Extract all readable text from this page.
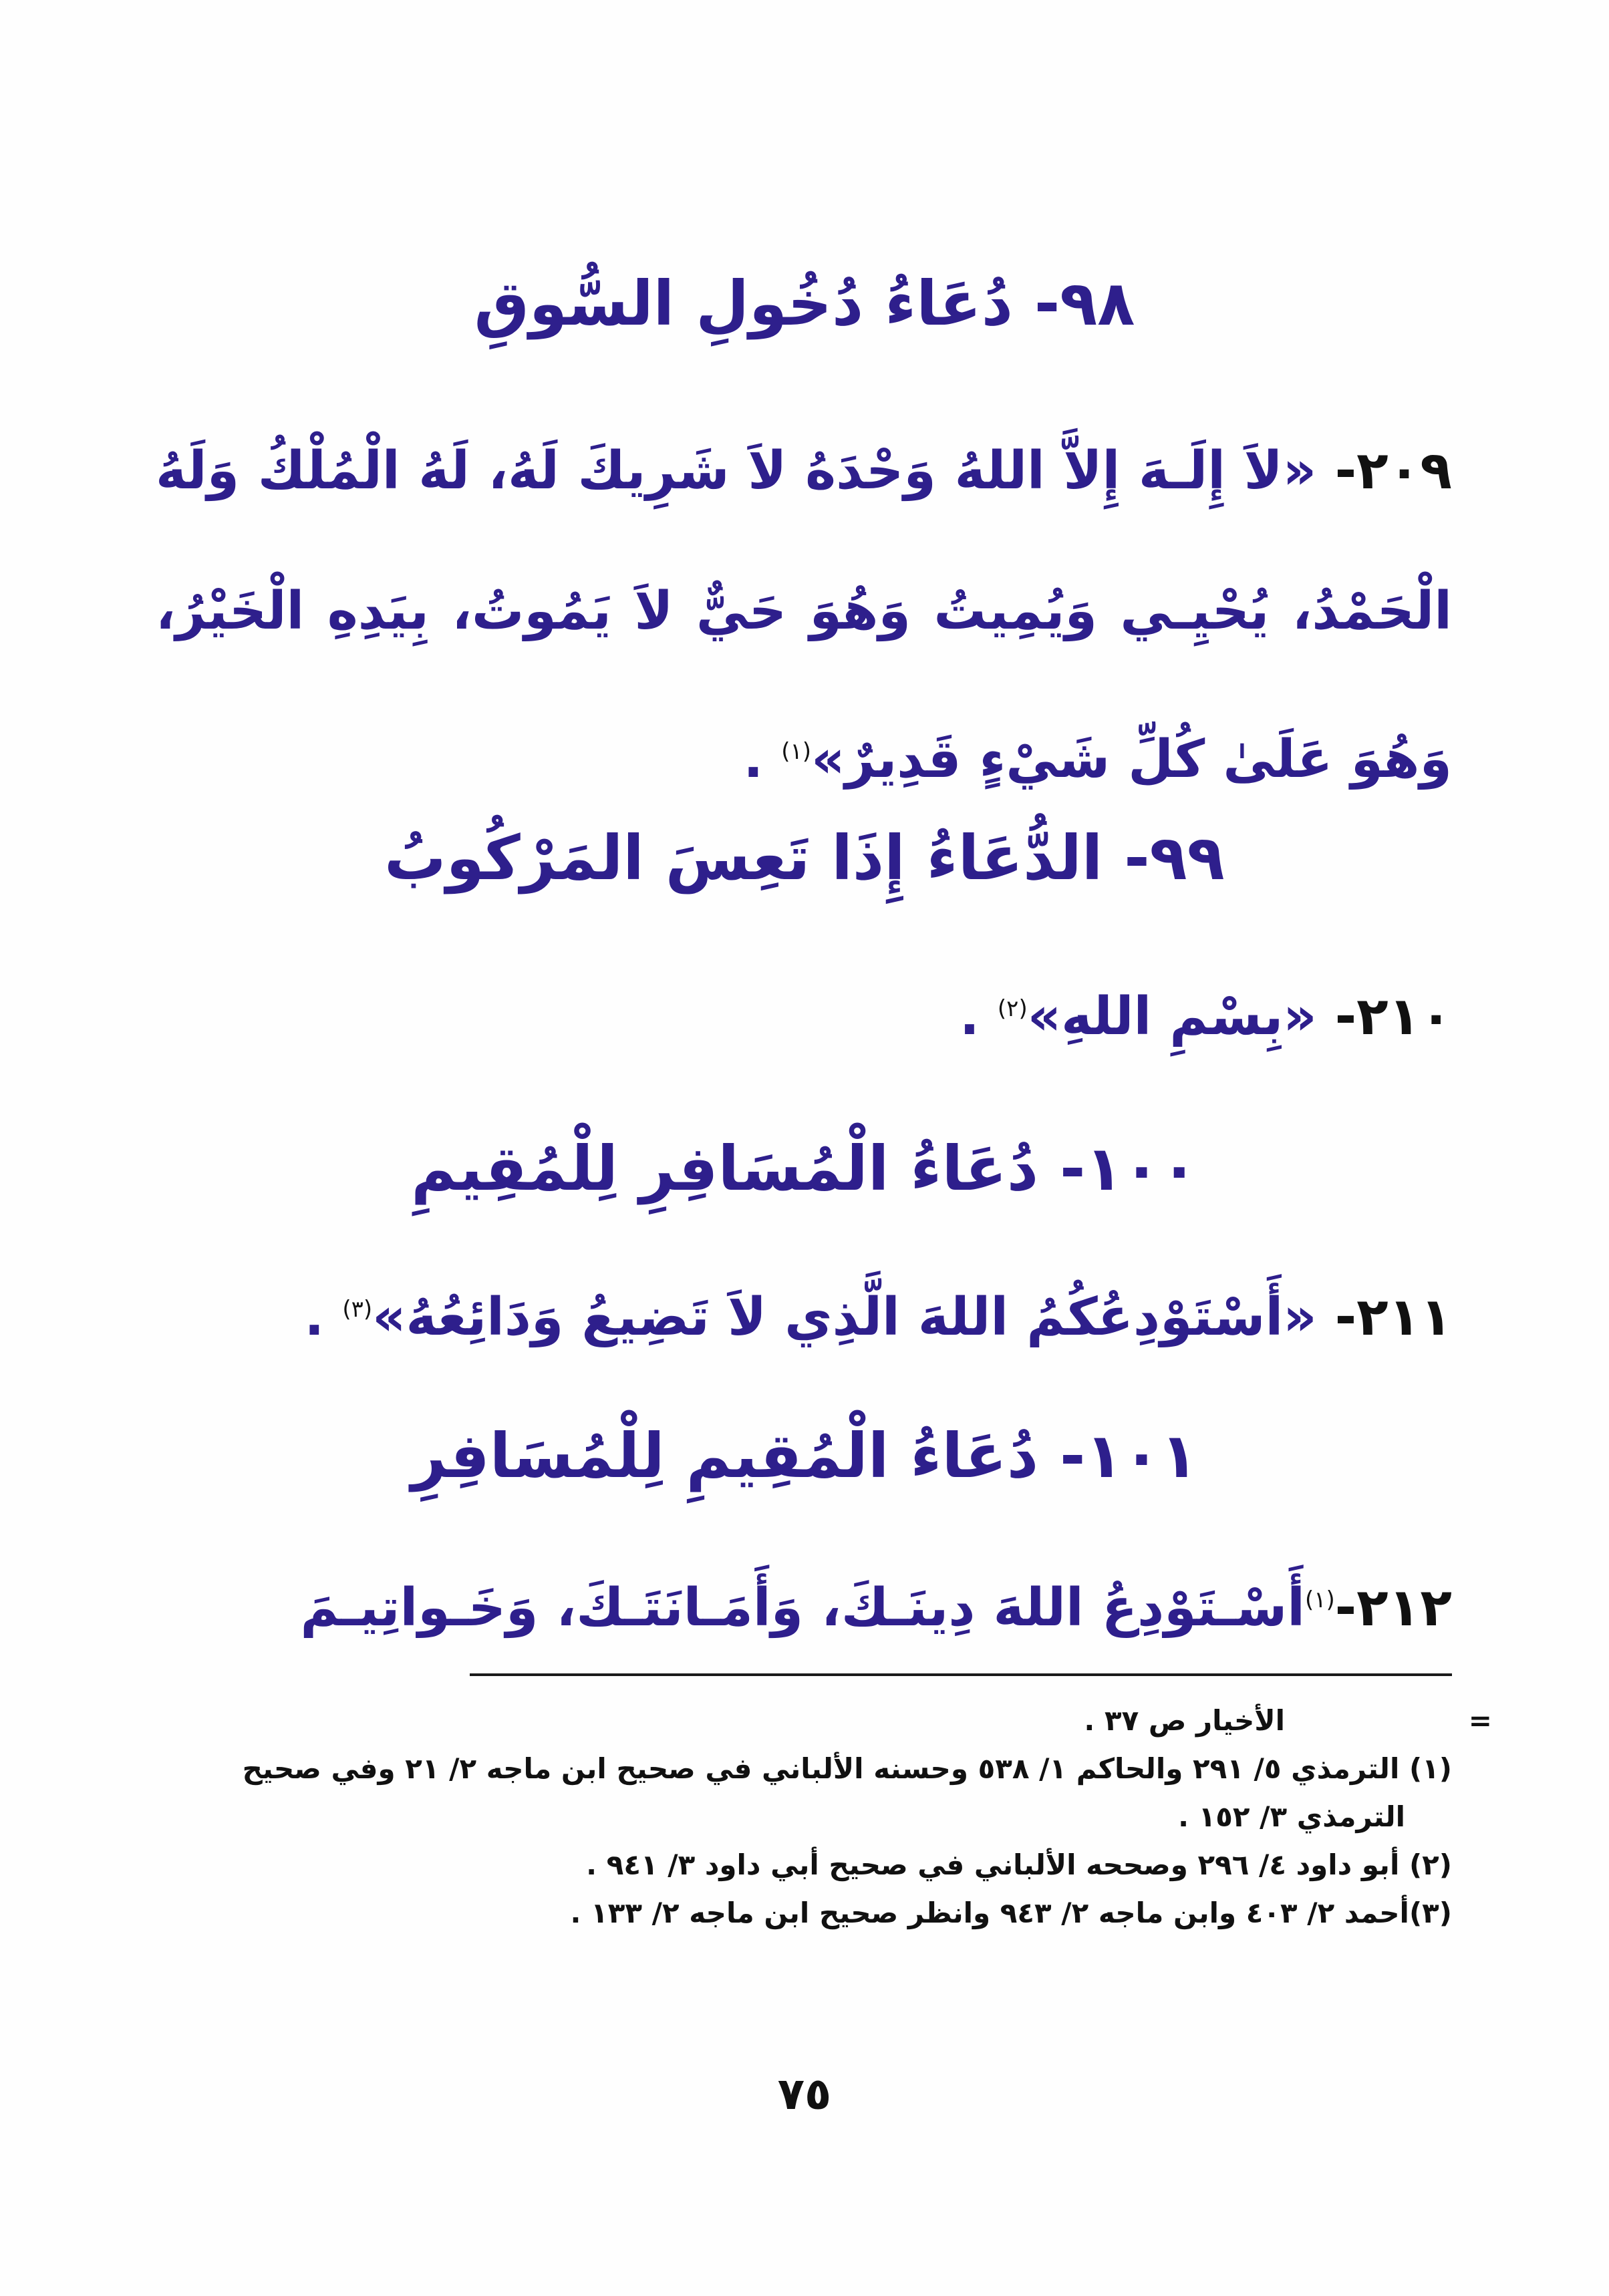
٩٨- دُعَاءُ دُخُولِ السُّوقِ
٢٠٩- «لاَ إِلَـهَ إِلاَّ اللهُ وَحْدَهُ لاَ شَرِيكَ لَهُ، لَهُ الْمُلْكُ وَلَهُ الْحَمْدُ، يُحْيِـي وَيُمِيتُ وَهُوَ حَيٌّ لاَ يَمُوتُ، بِيَدِهِ الْخَيْرُ، وَهُوَ عَلَىٰ كُلِّ شَيْءٍ قَدِيرٌ»$^{(١)}$ .
٩٩- الدُّعَاءُ إِذَا تَعِسَ المَرْكُوبُ
٢١٠- «بِسْمِ اللهِ»$^{(٢)}$ .
١٠٠- دُعَاءُ الْمُسَافِرِ لِلْمُقِيمِ
٢١١- «أَسْتَوْدِعُكُمُ اللهَ الَّذِي لاَ تَضِيعُ وَدَائِعُهُ»$^{(٣)}$ .
١٠١- دُعَاءُ الْمُقِيمِ لِلْمُسَافِرِ
٢١٢-$^{(١)}$أَسْـتَوْدِعُ اللهَ دِينَـكَ، وَأَمَـانَتَـكَ، وَخَـواتِيـمَ

=
الأخيار ص ٣٧ .

(١) الترمذي ٥/ ٢٩١ والحاكم ١/ ٥٣٨ وحسنه الألباني في صحيح ابن ماجه ٢/ ٢١ وفي صحيح

الترمذي ٣/ ١٥٢ .

(٢) أبو داود ٤/ ٢٩٦ وصححه الألباني في صحيح أبي داود ٣/ ٩٤١ .

(٣)أحمد ٢/ ٤٠٣ وابن ماجه ٢/ ٩٤٣ وانظر صحيح ابن ماجه ٢/ ١٣٣ .

٧٥
